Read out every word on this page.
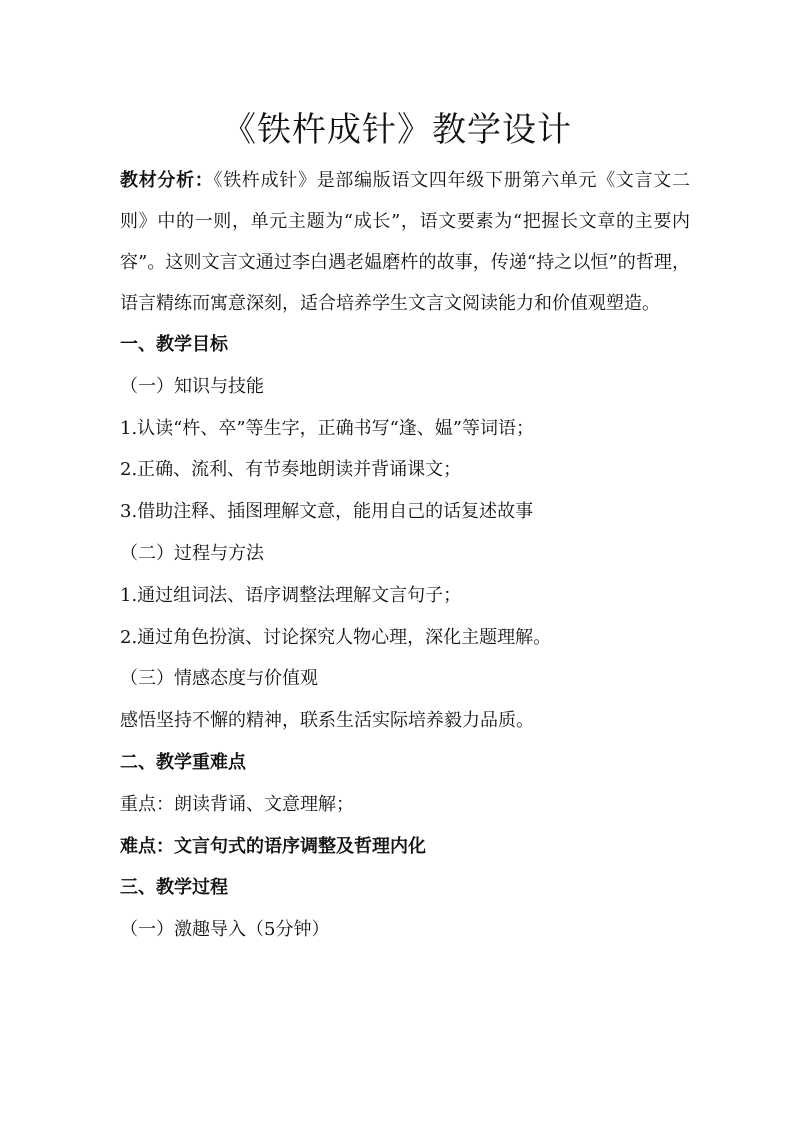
《铁杵成针》教学设计

教材分析：《铁杵成针》是部编版语文四年级下册第六单元《文言文二则》中的一则，单元主题为“成长”，语文要素为“把握长文章的主要内容”。这则文言文通过李白遇老媪磨杵的故事，传递“持之以恒”的哲理，语言精练而寓意深刻，适合培养学生文言文阅读能力和价值观塑造。

一、教学目标
（一）知识与技能
1.认读“杵、卒”等生字，正确书写“逢、媪”等词语；
2.正确、流利、有节奏地朗读并背诵课文；
3.借助注释、插图理解文意，能用自己的话复述故事
（二）过程与方法
1.通过组词法、语序调整法理解文言句子；
2.通过角色扮演、讨论探究人物心理，深化主题理解。
（三）情感态度与价值观
感悟坚持不懈的精神，联系生活实际培养毅力品质。
二、教学重难点
重点：朗读背诵、文意理解；
难点：文言句式的语序调整及哲理内化
三、教学过程
（一）激趣导入（5分钟）
